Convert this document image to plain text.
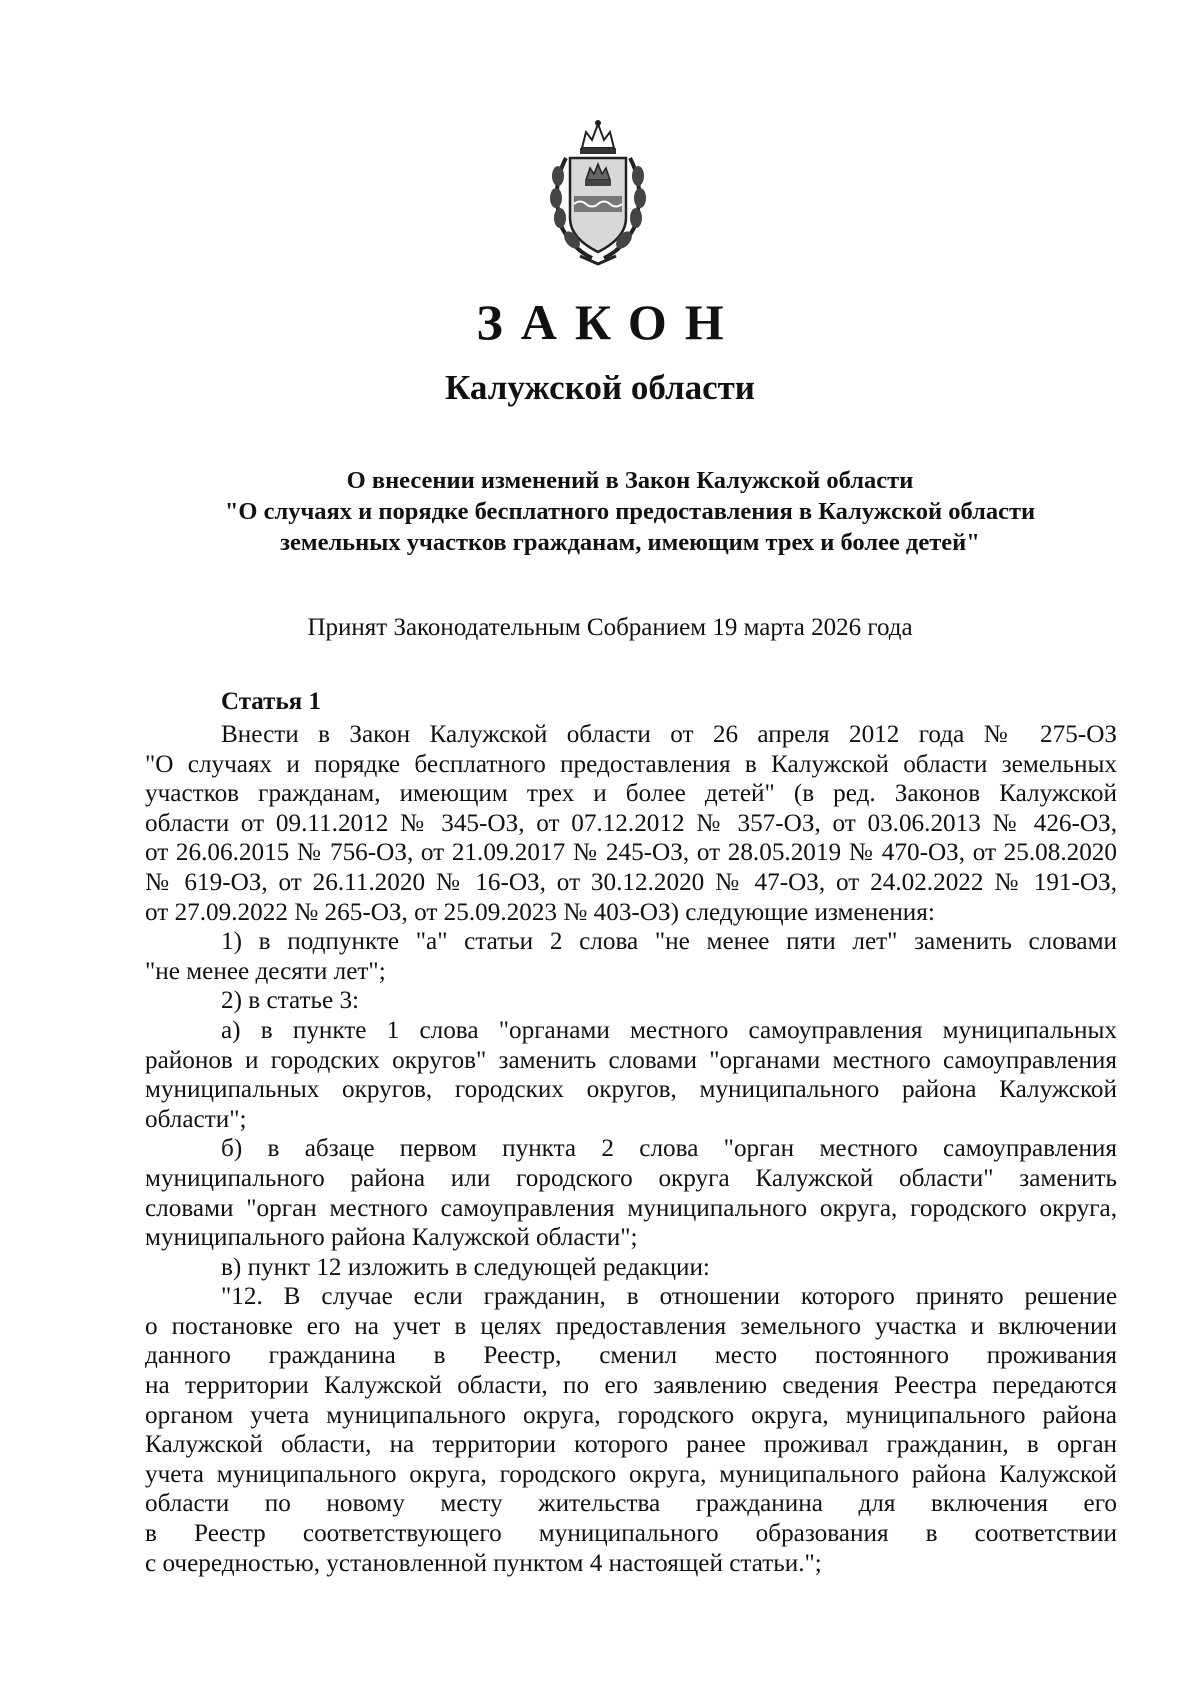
ЗАКОН
Калужской области
О внесении изменений в Закон Калужской области
"О случаях и порядке бесплатного предоставления в Калужской области
земельных участков гражданам, имеющим трех и более детей"
Принят Законодательным Собранием 19 марта 2026 года
Статья 1
Внести в Закон Калужской области от 26 апреля 2012 года № 275-ОЗ
"О случаях и порядке бесплатного предоставления в Калужской области земельных
участков гражданам, имеющим трех и более детей" (в ред. Законов Калужской
области от 09.11.2012 № 345-ОЗ, от 07.12.2012 № 357-ОЗ, от 03.06.2013 № 426-ОЗ,
от 26.06.2015 № 756-ОЗ, от 21.09.2017 № 245-ОЗ, от 28.05.2019 № 470-ОЗ, от 25.08.2020
№ 619-ОЗ, от 26.11.2020 № 16-ОЗ, от 30.12.2020 № 47-ОЗ, от 24.02.2022 № 191-ОЗ,
от 27.09.2022 № 265-ОЗ, от 25.09.2023 № 403-ОЗ) следующие изменения:
1) в подпункте "а" статьи 2 слова "не менее пяти лет" заменить словами
"не менее десяти лет";
2) в статье 3:
а) в пункте 1 слова "органами местного самоуправления муниципальных
районов и городских округов" заменить словами "органами местного самоуправления
муниципальных округов, городских округов, муниципального района Калужской
области";
б) в абзаце первом пункта 2 слова "орган местного самоуправления
муниципального района или городского округа Калужской области" заменить
словами "орган местного самоуправления муниципального округа, городского округа,
муниципального района Калужской области";
в) пункт 12 изложить в следующей редакции:
"12. В случае если гражданин, в отношении которого принято решение
о постановке его на учет в целях предоставления земельного участка и включении
данного гражданина в Реестр, сменил место постоянного проживания
на территории Калужской области, по его заявлению сведения Реестра передаются
органом учета муниципального округа, городского округа, муниципального района
Калужской области, на территории которого ранее проживал гражданин, в орган
учета муниципального округа, городского округа, муниципального района Калужской
области по новому месту жительства гражданина для включения его
в Реестр соответствующего муниципального образования в соответствии
с очередностью, установленной пунктом 4 настоящей статьи.";
